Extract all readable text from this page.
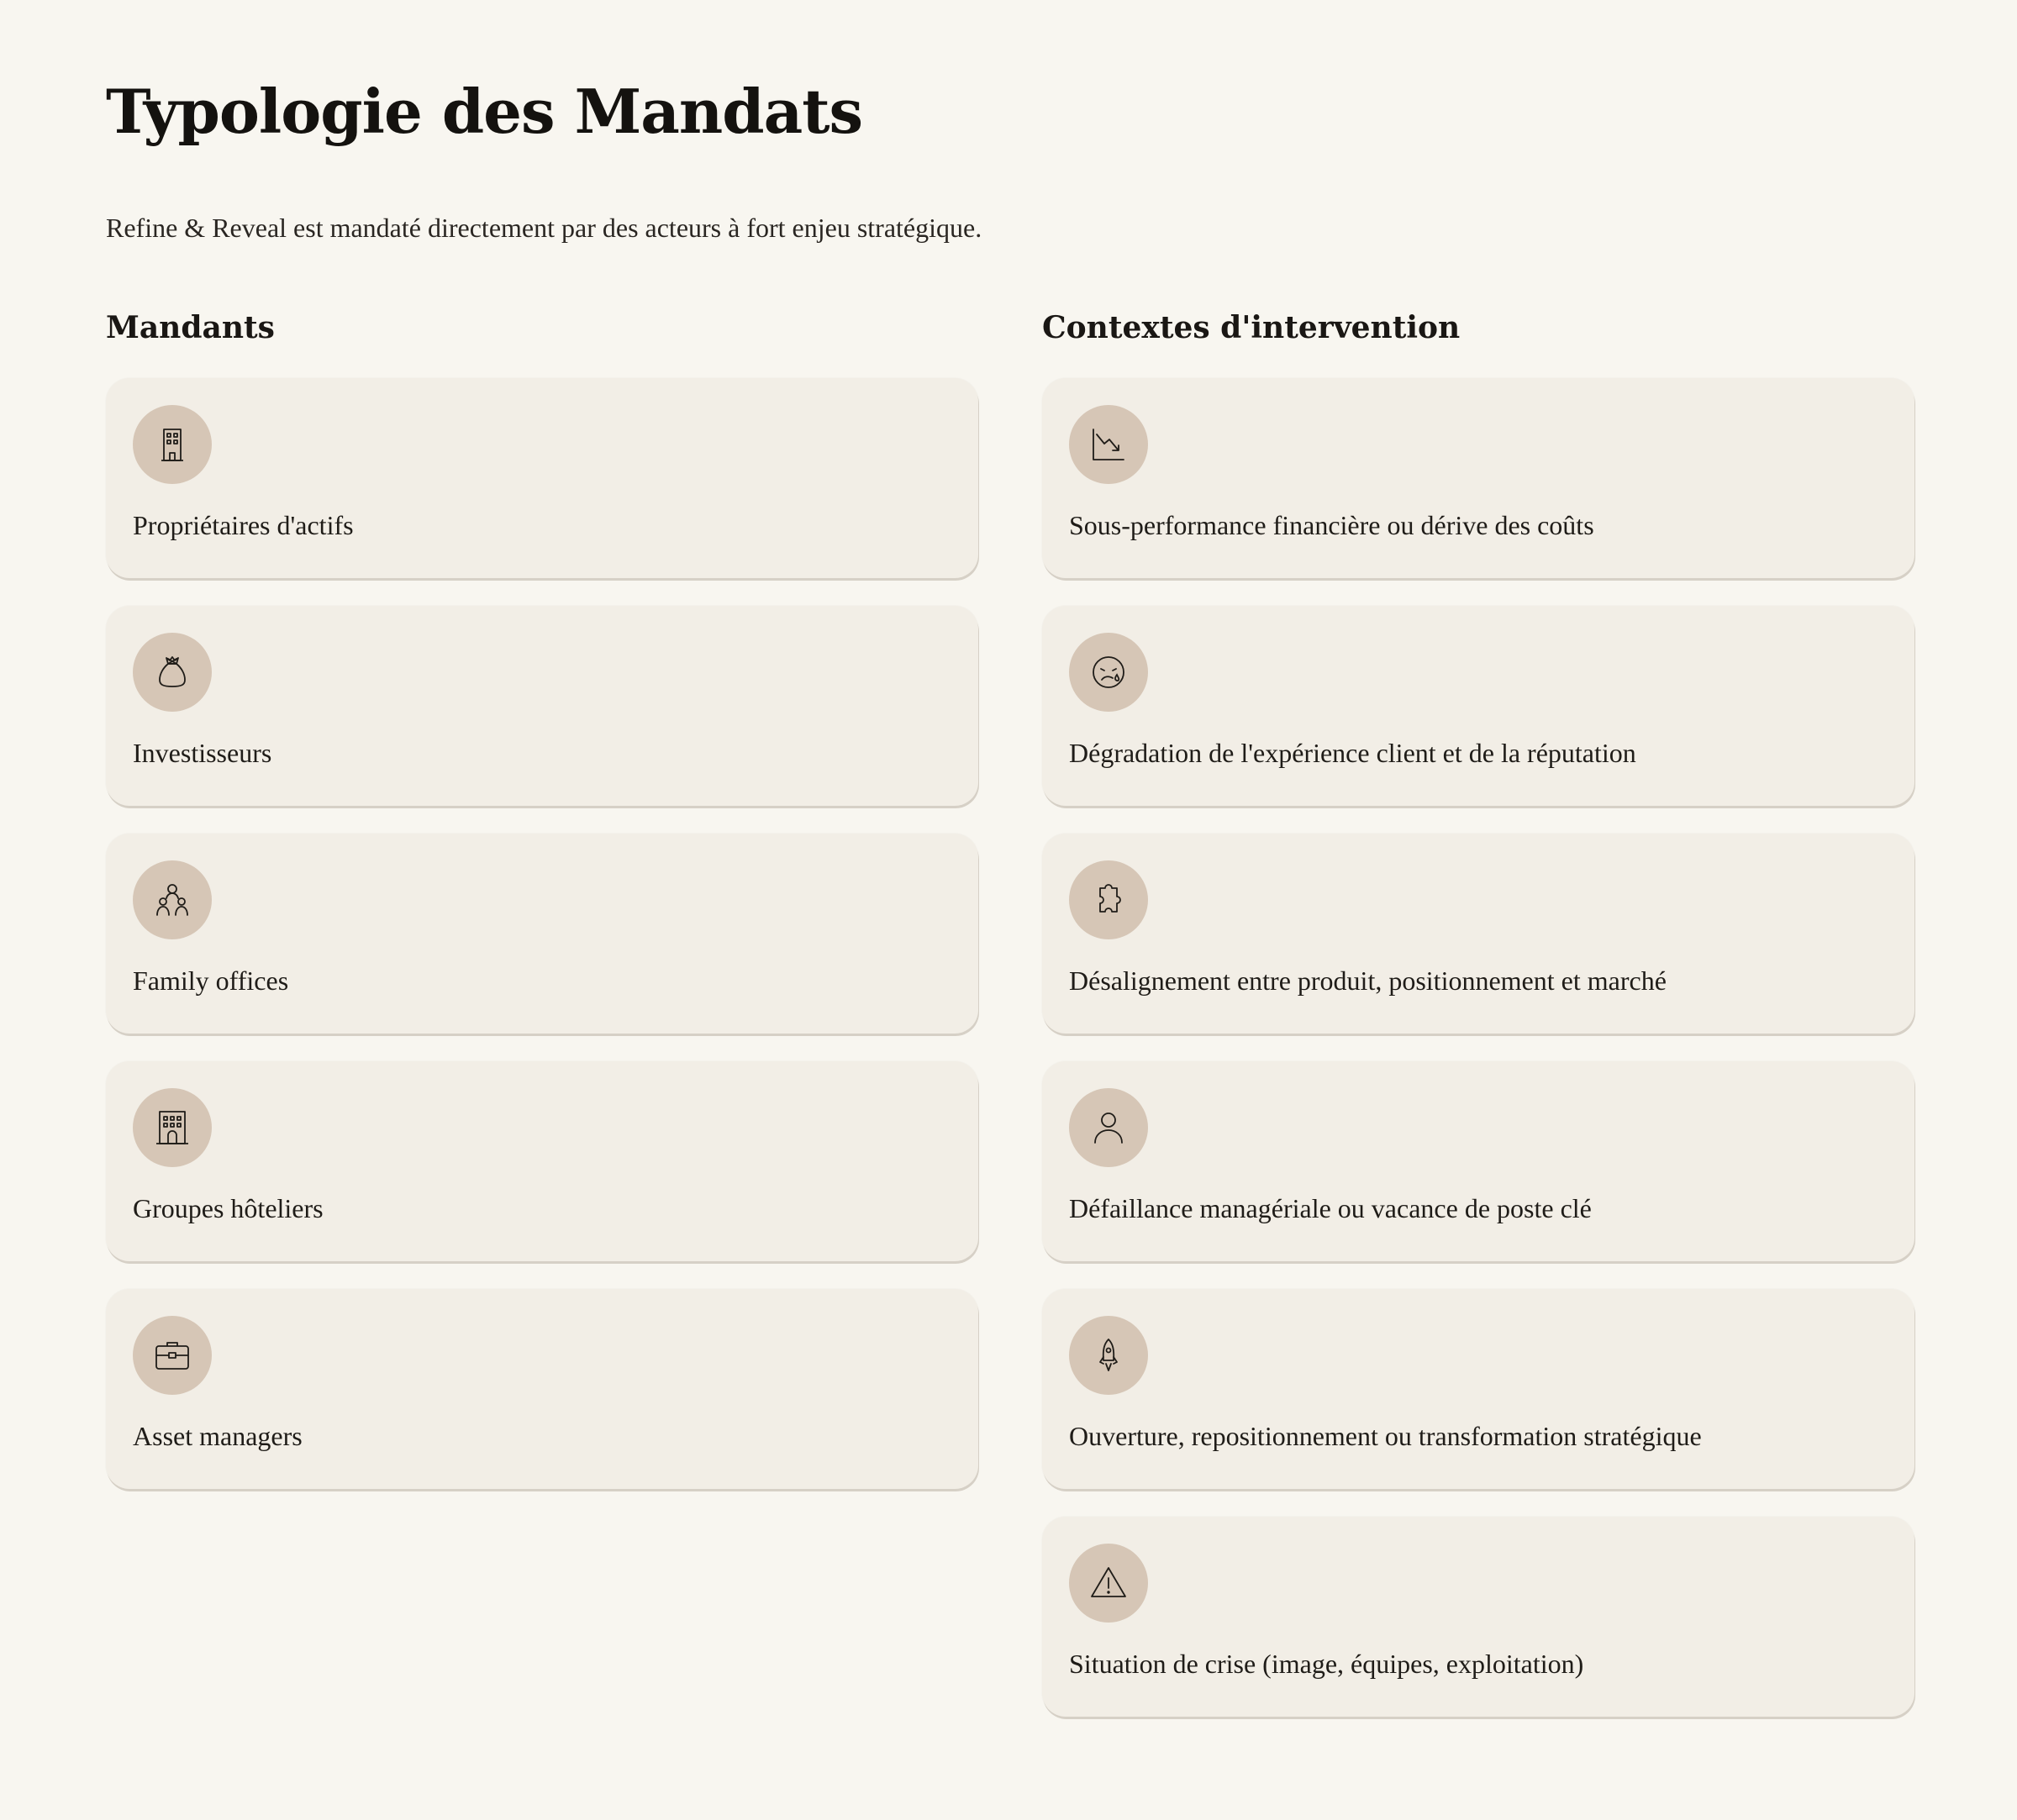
Typologie des Mandats

Refine & Reveal est mandaté directement par des acteurs à fort enjeu stratégique.

Mandants
Propriétaires d'actifs
Investisseurs
Family offices
Groupes hôteliers
Asset managers
Contextes d'intervention
Sous-performance financière ou dérive des coûts
Dégradation de l'expérience client et de la réputation
Désalignement entre produit, positionnement et marché
Défaillance managériale ou vacance de poste clé
Ouverture, repositionnement ou transformation stratégique
Situation de crise (image, équipes, exploitation)
